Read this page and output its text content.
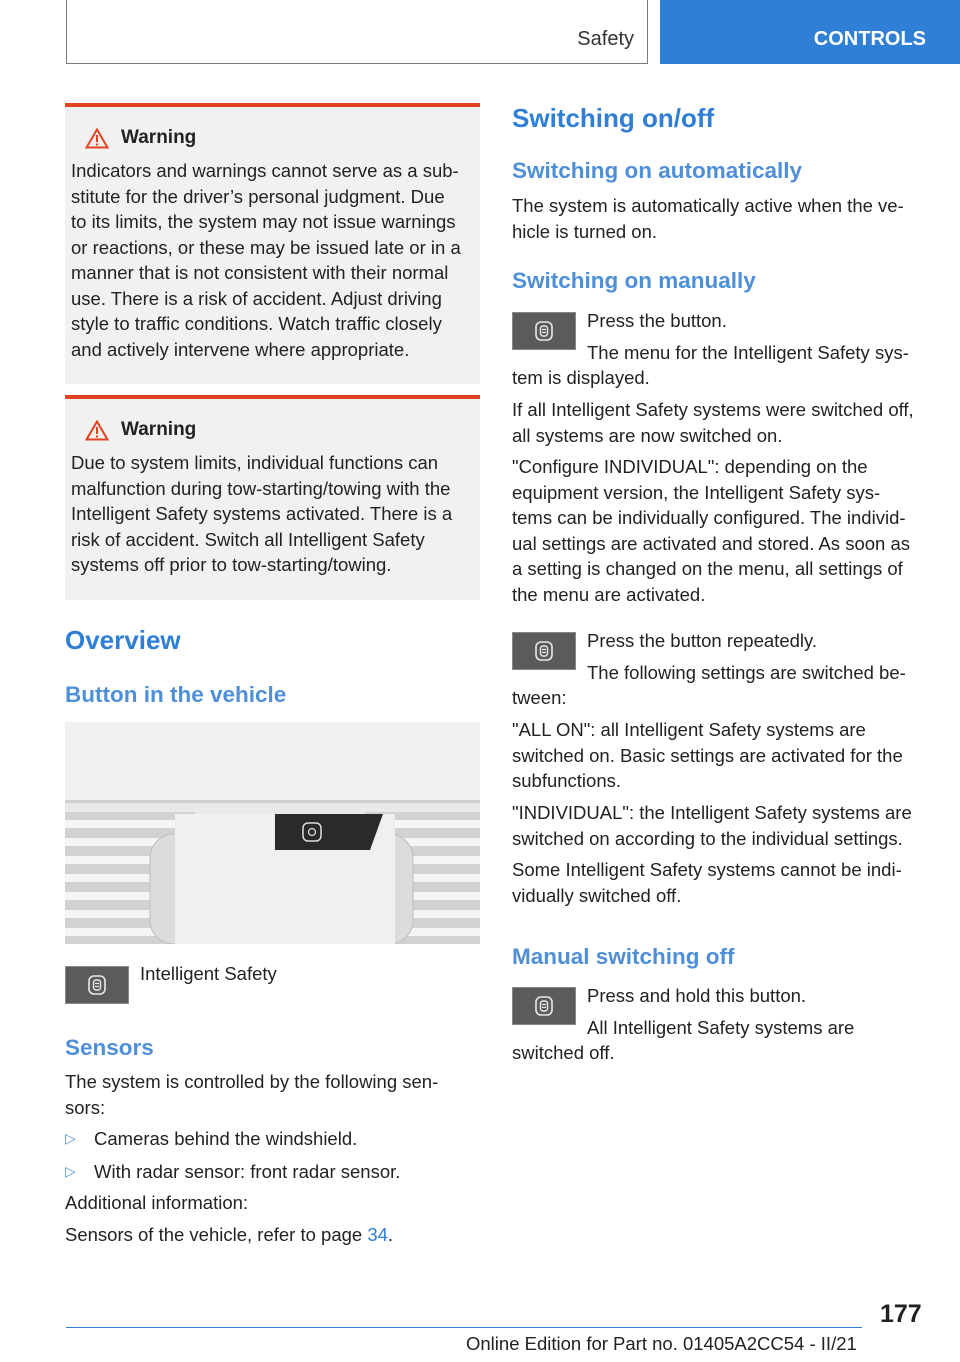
Safety	CONTROLS
Warning
Indicators and warnings cannot serve as a sub-
stitute for the driver’s personal judgment. Due
to its limits, the system may not issue warnings
or reactions, or these may be issued late or in a
manner that is not consistent with their normal
use. There is a risk of accident. Adjust driving
style to traffic conditions. Watch traffic closely
and actively intervene where appropriate.
Warning
Due to system limits, individual functions can
malfunction during tow-starting/towing with the
Intelligent Safety systems activated. There is a
risk of accident. Switch all Intelligent Safety
systems off prior to tow-starting/towing.
Overview
Button in the vehicle
Intelligent Safety
Sensors
The system is controlled by the following sen-
sors:
▷ Cameras behind the windshield.
▷ With radar sensor: front radar sensor.
Additional information:
Sensors of the vehicle, refer to page 34.
Switching on/off
Switching on automatically
The system is automatically active when the ve-
hicle is turned on.
Switching on manually
Press the button.
The menu for the Intelligent Safety sys-
tem is displayed.
If all Intelligent Safety systems were switched off,
all systems are now switched on.
"Configure INDIVIDUAL": depending on the
equipment version, the Intelligent Safety sys-
tems can be individually configured. The individ-
ual settings are activated and stored. As soon as
a setting is changed on the menu, all settings of
the menu are activated.
Press the button repeatedly.
The following settings are switched be-
tween:
"ALL ON": all Intelligent Safety systems are
switched on. Basic settings are activated for the
subfunctions.
"INDIVIDUAL": the Intelligent Safety systems are
switched on according to the individual settings.
Some Intelligent Safety systems cannot be indi-
vidually switched off.
Manual switching off
Press and hold this button.
All Intelligent Safety systems are
switched off.
177
Online Edition for Part no. 01405A2CC54 - II/21
